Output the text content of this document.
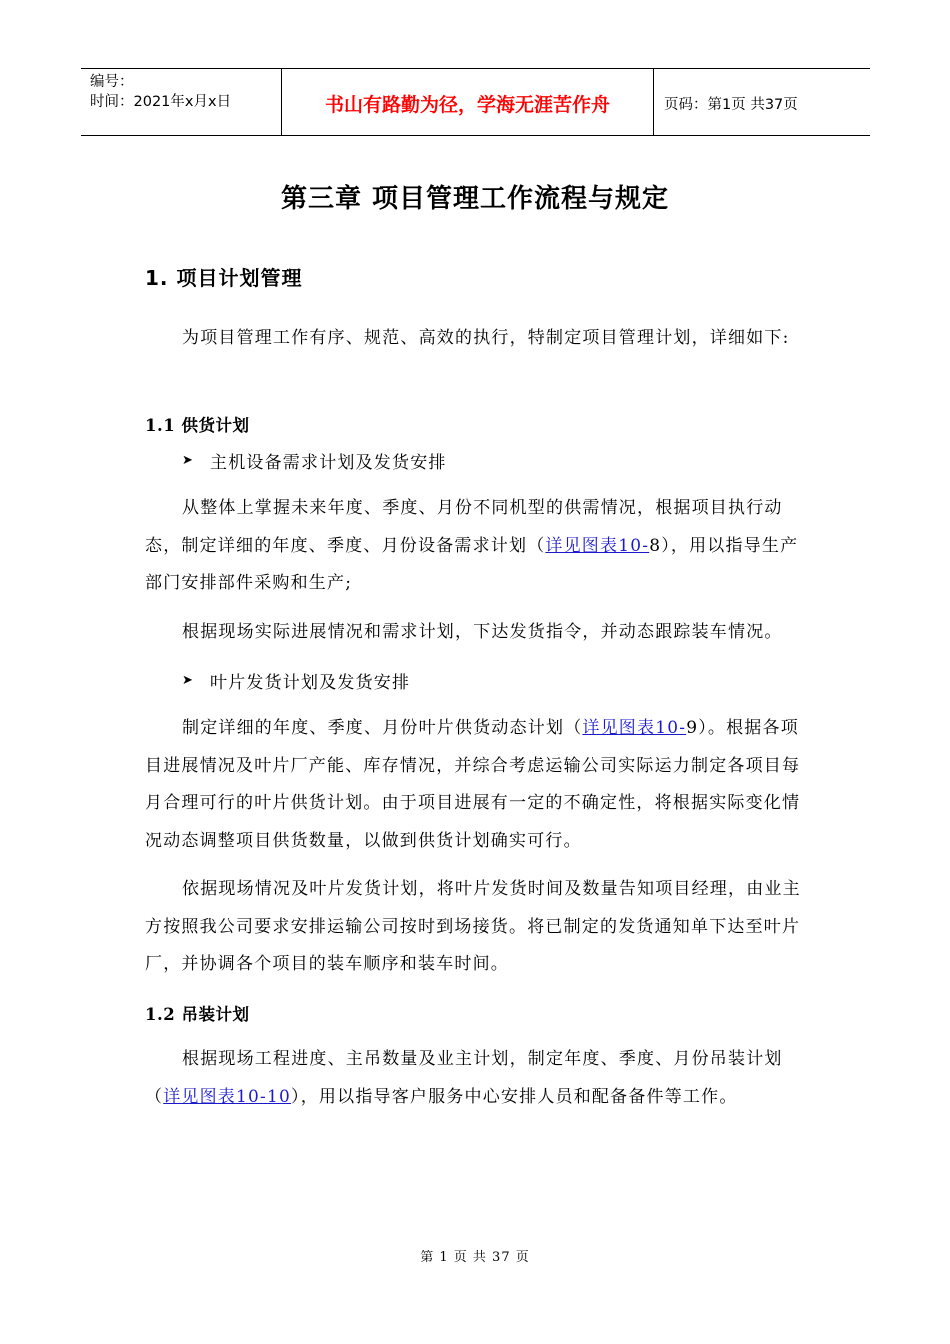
编号：
时间：2021年x月x日	书山有路勤为径，学海无涯苦作舟	页码：第1页 共37页
第三章 项目管理工作流程与规定
1. 项目计划管理
为项目管理工作有序、规范、高效的执行，特制定项目管理计划，详细如下:
1.1 供货计划
➤ 主机设备需求计划及发货安排
从整体上掌握未来年度、季度、月份不同机型的供需情况，根据项目执行动态，制定详细的年度、季度、月份设备需求计划（详见图表10-8），用以指导生产部门安排部件采购和生产;
根据现场实际进展情况和需求计划，下达发货指令，并动态跟踪装车情况。
➤ 叶片发货计划及发货安排
制定详细的年度、季度、月份叶片供货动态计划（详见图表10-9）。根据各项目进展情况及叶片厂产能、库存情况，并综合考虑运输公司实际运力制定各项目每月合理可行的叶片供货计划。由于项目进展有一定的不确定性，将根据实际变化情况动态调整项目供货数量，以做到供货计划确实可行。
依据现场情况及叶片发货计划，将叶片发货时间及数量告知项目经理，由业主方按照我公司要求安排运输公司按时到场接货。将已制定的发货通知单下达至叶片厂，并协调各个项目的装车顺序和装车时间。
1.2 吊装计划
根据现场工程进度、主吊数量及业主计划，制定年度、季度、月份吊装计划（详见图表10-10），用以指导客户服务中心安排人员和配备备件等工作。
第 1 页 共 37 页
